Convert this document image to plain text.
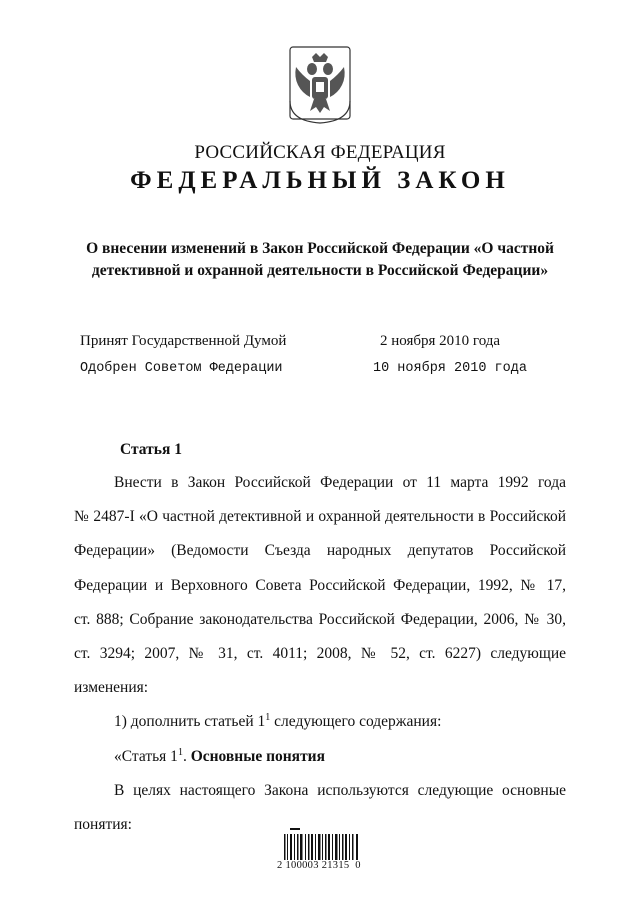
РОССИЙСКАЯ ФЕДЕРАЦИЯ
ФЕДЕРАЛЬНЫЙ ЗАКОН
О внесении изменений в Закон Российской Федерации «О частной
детективной и охранной деятельности в Российской Федерации»
Принят Государственной Думой	2 ноября 2010 года
Одобрен Советом Федерации	10 ноября 2010 года
Статья 1

Внести в Закон Российской Федерации от 11 марта 1992 года

№ 2487-I «О частной детективной и охранной деятельности в Российской

Федерации» (Ведомости Съезда народных депутатов Российской

Федерации и Верховного Совета Российской Федерации, 1992, № 17,

ст. 888; Собрание законодательства Российской Федерации, 2006, № 30,

ст. 3294; 2007, № 31, ст. 4011; 2008, № 52, ст. 6227) следующие изменения:

1) дополнить статьей $1^1$ следующего содержания:

«Статья $1^1$. Основные понятия

В целях настоящего Закона используются следующие основные

понятия:

2 100003 21315  0
